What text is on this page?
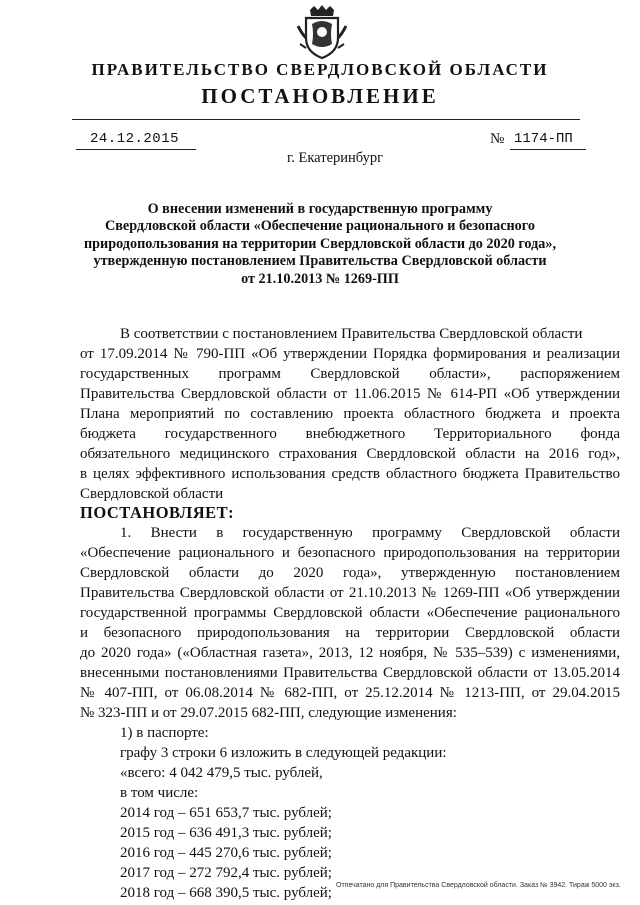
ПРАВИТЕЛЬСТВО СВЕРДЛОВСКОЙ ОБЛАСТИ
ПОСТАНОВЛЕНИЕ
24.12.2015	№ 1174-ПП
г. Екатеринбург
О внесении изменений в государственную программу
Свердловской области «Обеспечение рационального и безопасного
природопользования на территории Свердловской области до 2020 года»,
утвержденную постановлением Правительства Свердловской области
от 21.10.2013 № 1269-ПП
В соответствии с постановлением Правительства Свердловской области
от 17.09.2014 № 790-ПП «Об утверждении Порядка формирования и реализации
государственных программ Свердловской области», распоряжением
Правительства Свердловской области от 11.06.2015 № 614-РП «Об утверждении
Плана мероприятий по составлению проекта областного бюджета и проекта
бюджета государственного внебюджетного Территориального фонда
обязательного медицинского страхования Свердловской области на 2016 год»,
в целях эффективного использования средств областного бюджета Правительство
Свердловской области
ПОСТАНОВЛЯЕТ:
1. Внести в государственную программу Свердловской области
«Обеспечение рационального и безопасного природопользования на территории
Свердловской области до 2020 года», утвержденную постановлением
Правительства Свердловской области от 21.10.2013 № 1269-ПП «Об утверждении
государственной программы Свердловской области «Обеспечение рационального
и безопасного природопользования на территории Свердловской области
до 2020 года» («Областная газета», 2013, 12 ноября, № 535–539) с изменениями,
внесенными постановлениями Правительства Свердловской области от 13.05.2014
№ 407-ПП, от 06.08.2014 № 682-ПП, от 25.12.2014 № 1213-ПП, от 29.04.2015
№ 323-ПП и от 29.07.2015 682-ПП, следующие изменения:
1) в паспорте:
графу 3 строки 6 изложить в следующей редакции:
«всего: 4 042 479,5 тыс. рублей,
в том числе:
2014 год – 651 653,7 тыс. рублей;
2015 год – 636 491,3 тыс. рублей;
2016 год – 445 270,6 тыс. рублей;
2017 год – 272 792,4 тыс. рублей;
2018 год – 668 390,5 тыс. рублей; Отпечатано для Правительства Свердловской области. Заказ № 3942. Тираж 5000 экз.
